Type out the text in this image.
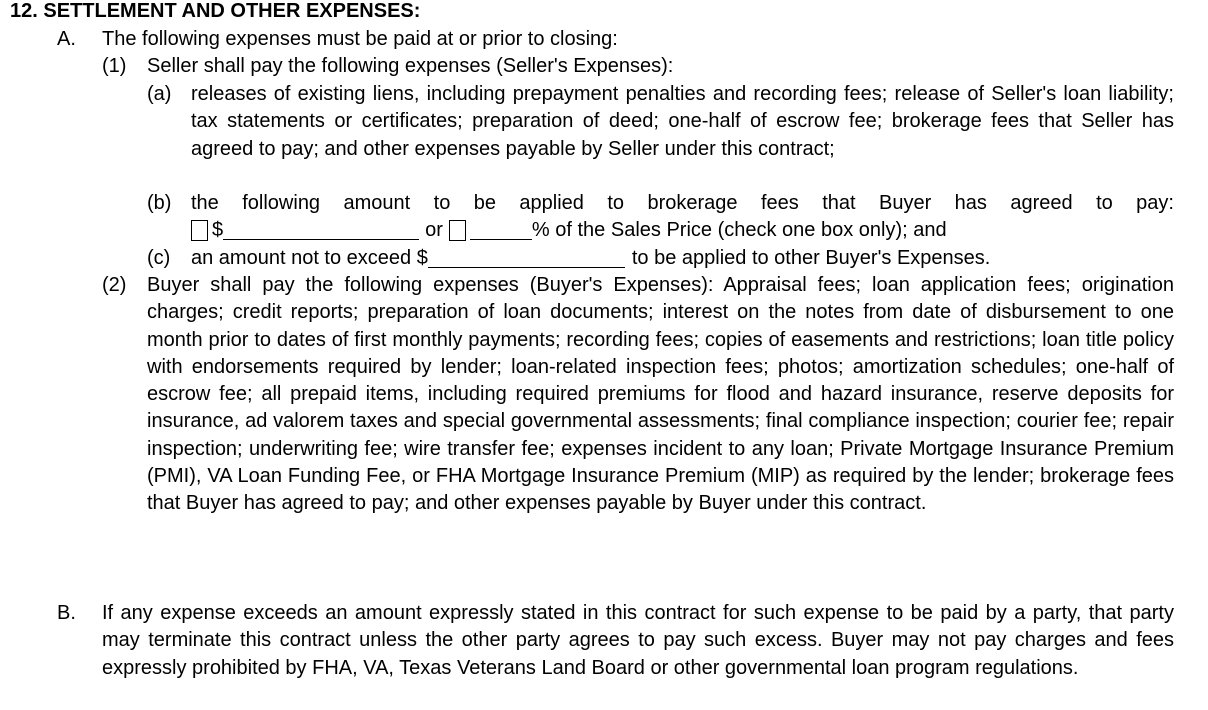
12. SETTLEMENT AND OTHER EXPENSES:
A. The following expenses must be paid at or prior to closing:
(1) Seller shall pay the following expenses (Seller's Expenses):
(a) releases of existing liens, including prepayment penalties and recording fees; release of Seller's loan liability; tax statements or certificates; preparation of deed; one-half of escrow fee; brokerage fees that Seller has agreed to pay; and other expenses payable by Seller under this contract;
(b) the following amount to be applied to brokerage fees that Buyer has agreed to pay:
$	or	% of the Sales Price (check one box only); and
(c) an amount not to exceed $	to be applied to other Buyer's Expenses.
(2) Buyer shall pay the following expenses (Buyer's Expenses): Appraisal fees; loan application fees; origination charges; credit reports; preparation of loan documents; interest on the notes from date of disbursement to one month prior to dates of first monthly payments; recording fees; copies of easements and restrictions; loan title policy with endorsements required by lender; loan-related inspection fees; photos; amortization schedules; one-half of escrow fee; all prepaid items, including required premiums for flood and hazard insurance, reserve deposits for insurance, ad valorem taxes and special governmental assessments; final compliance inspection; courier fee; repair inspection; underwriting fee; wire transfer fee; expenses incident to any loan; Private Mortgage Insurance Premium (PMI), VA Loan Funding Fee, or FHA Mortgage Insurance Premium (MIP) as required by the lender; brokerage fees that Buyer has agreed to pay; and other expenses payable by Buyer under this contract.
B. If any expense exceeds an amount expressly stated in this contract for such expense to be paid by a party, that party may terminate this contract unless the other party agrees to pay such excess. Buyer may not pay charges and fees expressly prohibited by FHA, VA, Texas Veterans Land Board or other governmental loan program regulations.
